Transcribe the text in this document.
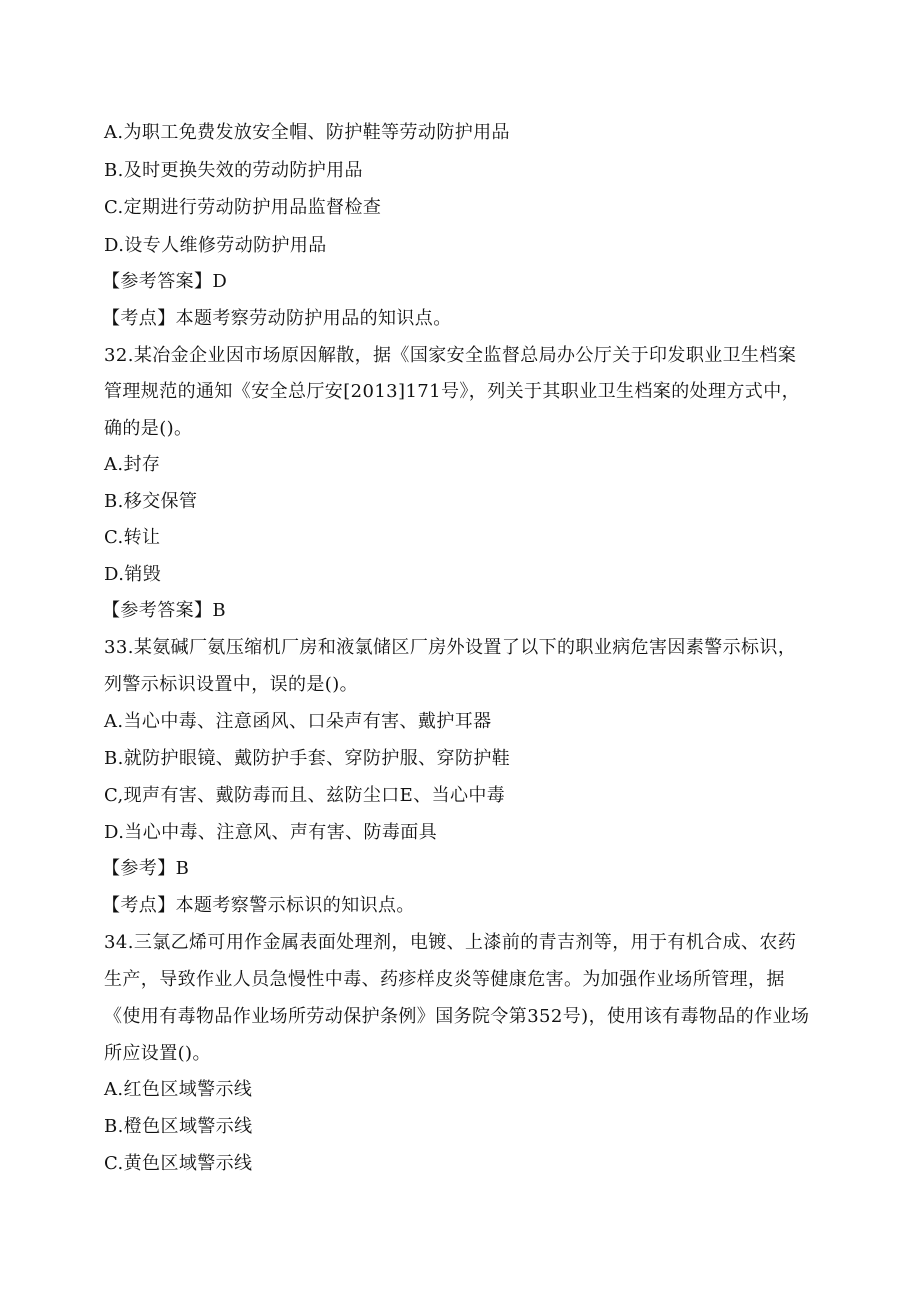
A.为职工免费发放安全帽、防护鞋等劳动防护用品
B.及时更换失效的劳动防护用品
C.定期进行劳动防护用品监督检查
D.设专人维修劳动防护用品
【参考答案】D
【考点】本题考察劳动防护用品的知识点。
32.某冶金企业因市场原因解散，据《国家安全监督总局办公厅关于印发职业卫生档案
管理规范的通知《安全总厅安[2013]171号》，列关于其职业卫生档案的处理方式中，
确的是()。
A.封存
B.移交保管
C.转让
D.销毁
【参考答案】B
33.某氨碱厂氨压缩机厂房和液氯储区厂房外设置了以下的职业病危害因素警示标识，
列警示标识设置中，误的是()。
A.当心中毒、注意函风、口朵声有害、戴护耳器
B.就防护眼镜、戴防护手套、穿防护服、穿防护鞋
C,现声有害、戴防毒而且、兹防尘口E、当心中毒
D.当心中毒、注意风、声有害、防毒面具
【参考】B
【考点】本题考察警示标识的知识点。
34.三氯乙烯可用作金属表面处理剂，电镀、上漆前的青吉剂等，用于有机合成、农药
生产，导致作业人员急慢性中毒、药疹样皮炎等健康危害。为加强作业场所管理，据
《使用有毒物品作业场所劳动保护条例》国务院令第352号)，使用该有毒物品的作业场
所应设置()。
A.红色区域警示线
B.橙色区域警示线
C.黄色区域警示线
